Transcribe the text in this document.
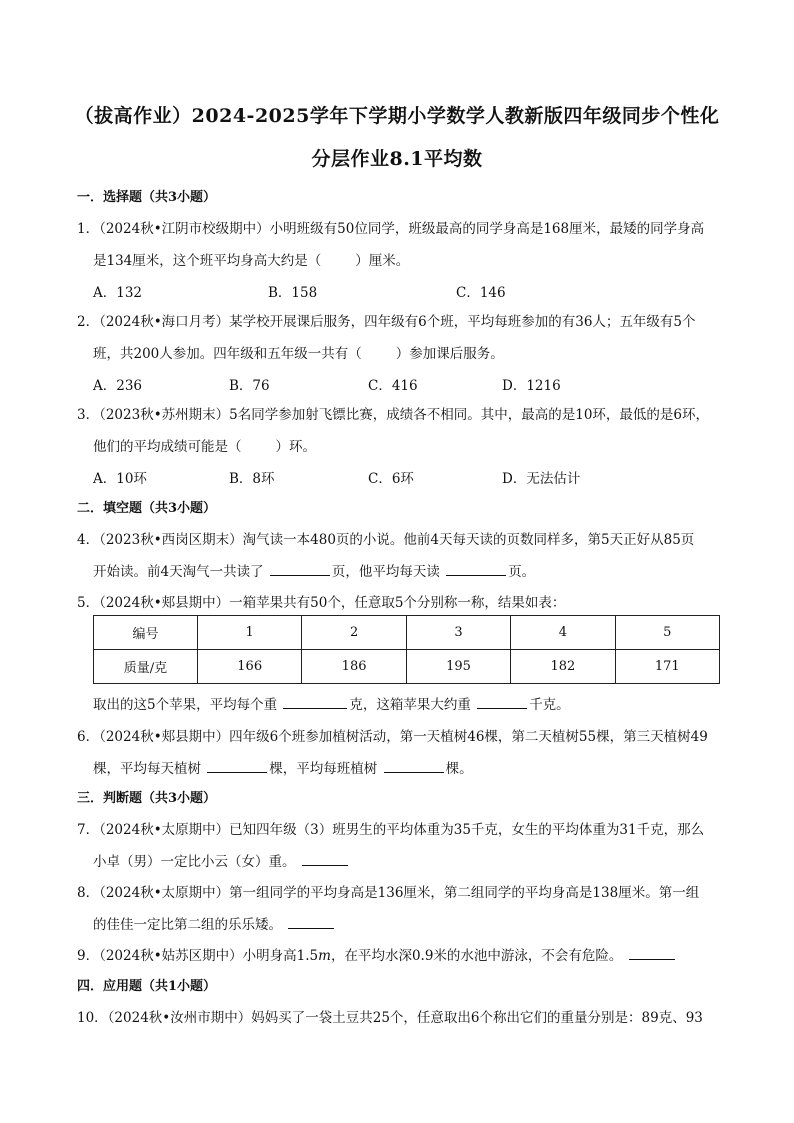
（拔高作业）2024-2025学年下学期小学数学人教新版四年级同步个性化
分层作业8.1平均数
一．选择题（共3小题）
1．（2024秋•江阴市校级期中）小明班级有50位同学，班级最高的同学身高是168厘米，最矮的同学身高
是134厘米，这个班平均身高大约是（	）厘米。
A．132	B．158	C．146
2．（2024秋•海口月考）某学校开展课后服务，四年级有6个班，平均每班参加的有36人；五年级有5个
班，共200人参加。四年级和五年级一共有（	）参加课后服务。
A．236	B．76	C．416	D．1216
3．（2023秋•苏州期末）5名同学参加射飞镖比赛，成绩各不相同。其中，最高的是10环，最低的是6环，
他们的平均成绩可能是（	）环。
A．10环	B．8环	C．6环	D．无法估计
二．填空题（共3小题）
4．（2023秋•西岗区期末）淘气读一本480页的小说。他前4天每天读的页数同样多，第5天正好从85页
开始读。前4天淘气一共读了	页，他平均每天读	页。
5．（2024秋•郏县期中）一箱苹果共有50个，任意取5个分别称一称，结果如表：
编号	1	2	3	4	5
质量/克	166	186	195	182	171
取出的这5个苹果，平均每个重	克，这箱苹果大约重	千克。
6．（2024秋•郏县期中）四年级6个班参加植树活动，第一天植树46棵，第二天植树55棵，第三天植树49
棵，平均每天植树	棵，平均每班植树	棵。
三．判断题（共3小题）
7．（2024秋•太原期中）已知四年级（3）班男生的平均体重为35千克，女生的平均体重为31千克，那么
小卓（男）一定比小云（女）重。
8．（2024秋•太原期中）第一组同学的平均身高是136厘米，第二组同学的平均身高是138厘米。第一组
的佳佳一定比第二组的乐乐矮。
9．（2024秋•姑苏区期中）小明身高1.5m，在平均水深0.9米的水池中游泳，不会有危险。
四．应用题（共1小题）
10．（2024秋•汝州市期中）妈妈买了一袋土豆共25个，任意取出6个称出它们的重量分别是：89克、93
